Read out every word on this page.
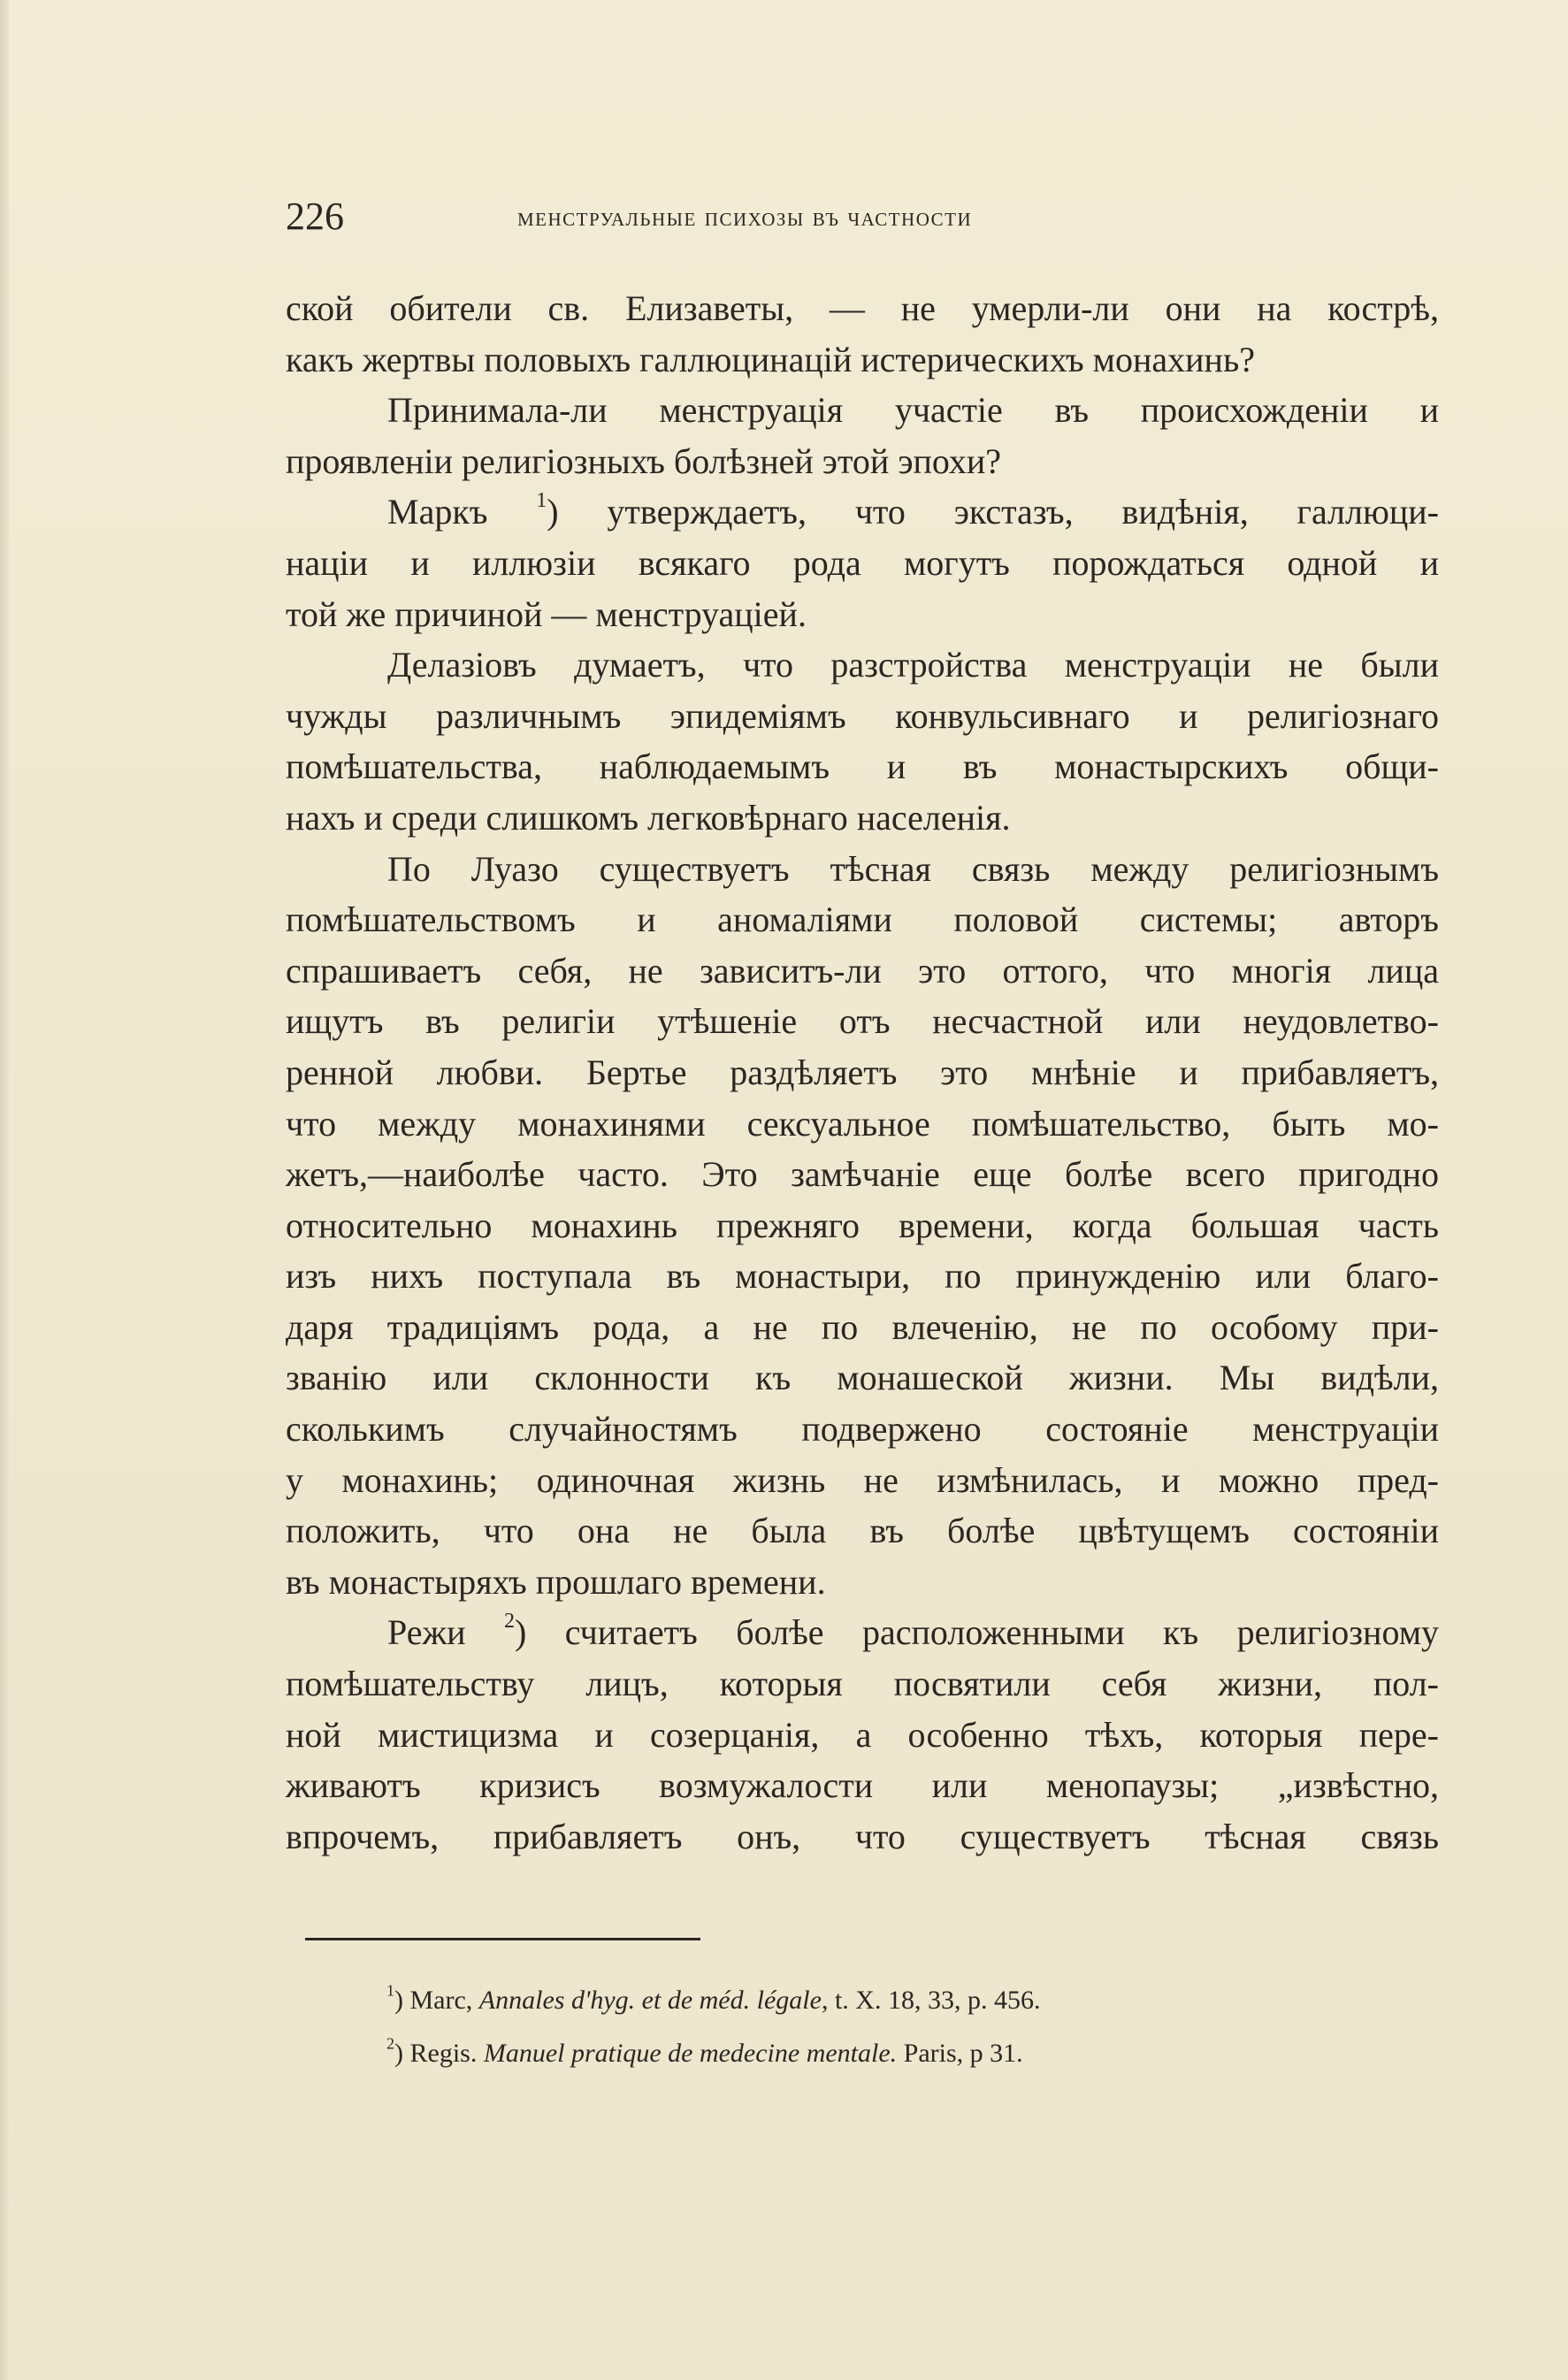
226	менструальные психозы въ частности
ской обители св. Елизаветы, — не умерли-ли они на кострѣ,
какъ жертвы половыхъ галлюцинацій истерическихъ монахинь?
Принимала-ли менструація участіе въ происхожденіи и
проявленіи религіозныхъ болѣзней этой эпохи?
Маркъ $^1$) утверждаетъ, что экстазъ, видѣнія, галлюци-
націи и иллюзіи всякаго рода могутъ порождаться одной и
той же причиной — менструаціей.
Делазіовъ думаетъ, что разстройства менструаціи не были
чужды различнымъ эпидеміямъ конвульсивнаго и религіознаго
помѣшательства, наблюдаемымъ и въ монастырскихъ общи-
нахъ и среди слишкомъ легковѣрнаго населенія.
По Луазо существуетъ тѣсная связь между религіознымъ
помѣшательствомъ и аномаліями половой системы; авторъ
спрашиваетъ себя, не зависитъ-ли это оттого, что многія лица
ищутъ въ религіи утѣшеніе отъ несчастной или неудовлетво-
ренной любви. Бертье раздѣляетъ это мнѣніе и прибавляетъ,
что между монахинями сексуальное помѣшательство, быть мо-
жетъ,—наиболѣе часто. Это замѣчаніе еще болѣе всего пригодно
относительно монахинь прежняго времени, когда большая часть
изъ нихъ поступала въ монастыри, по принужденію или благо-
даря традиціямъ рода, а не по влеченію, не по особому при-
званію или склонности къ монашеской жизни. Мы видѣли,
сколькимъ случайностямъ подвержено состояніе менструаціи
у монахинь; одиночная жизнь не измѣнилась, и можно пред-
положить, что она не была въ болѣе цвѣтущемъ состояніи
въ монастыряхъ прошлаго времени.
Режи $^2$) считаетъ болѣе расположенными къ религіозному
помѣшательству лицъ, которыя посвятили себя жизни, пол-
ной мистицизма и созерцанія, а особенно тѣхъ, которыя пере-
живаютъ кризисъ возмужалости или менопаузы; „извѣстно,
впрочемъ, прибавляетъ онъ, что существуетъ тѣсная связь
$^1$) Marc, Annales d'hyg. et de méd. légale, t. X. 18, 33, p. 456.
$^2$) Regis. Manuel pratique de medecine mentale. Paris, p 31.
